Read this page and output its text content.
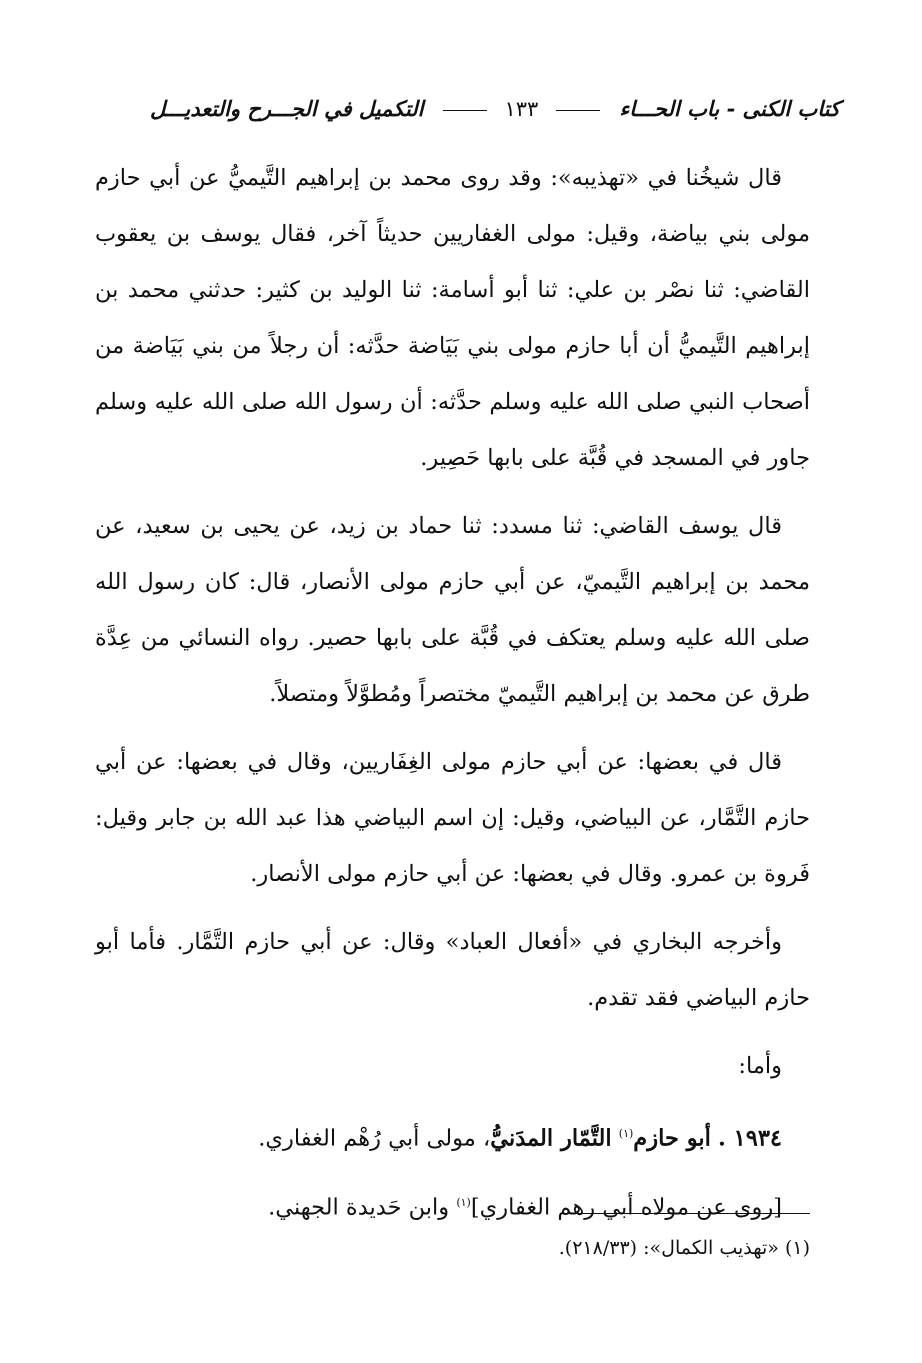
كتاب الكنى - باب الحـــاء
١٣٣
التكميل في الجـــرح والتعديـــل

قال شيخُنا في «تهذيبه»: وقد روى محمد بن إبراهيم التَّيميُّ عن أبي حازم مولى بني بياضة، وقيل: مولى الغفاريين حديثاً آخر، فقال يوسف بن يعقوب القاضي: ثنا نصْر بن علي: ثنا أبو أسامة: ثنا الوليد بن كثير: حدثني محمد بن إبراهيم التَّيميُّ أن أبا حازم مولى بني بَيَاضة حدَّثه: أن رجلاً من بني بَيَاضة من أصحاب النبي صلى الله عليه وسلم حدَّثه: أن رسول الله صلى الله عليه وسلم جاور في المسجد في قُبَّة على بابها حَصِير.

قال يوسف القاضي: ثنا مسدد: ثنا حماد بن زيد، عن يحيى بن سعيد، عن محمد بن إبراهيم التَّيميّ، عن أبي حازم مولى الأنصار، قال: كان رسول الله صلى الله عليه وسلم يعتكف في قُبَّة على بابها حصير. رواه النسائي من عِدَّة طرق عن محمد بن إبراهيم التَّيميّ مختصراً ومُطوَّلاً ومتصلاً.

قال في بعضها: عن أبي حازم مولى الغِفَاريين، وقال في بعضها: عن أبي حازم التَّمَّار، عن البياضي، وقيل: إن اسم البياضي هذا عبد الله بن جابر وقيل: فَروة بن عمرو. وقال في بعضها: عن أبي حازم مولى الأنصار.

وأخرجه البخاري في «أفعال العباد» وقال: عن أبي حازم التَّمَّار. فأما أبو حازم البياضي فقد تقدم.

وأما:

١٩٣٤ . أبو حازم$^{(١)}$ التَّمّار المدَنيُّ، مولى أبي رُهْم الغفاري.

[روى عن مولاه أبي رهم الغفاري]$^{(١)}$ وابن حَديدة الجهني.

(١) «تهذيب الكمال»: (٢١٨/٣٣).
